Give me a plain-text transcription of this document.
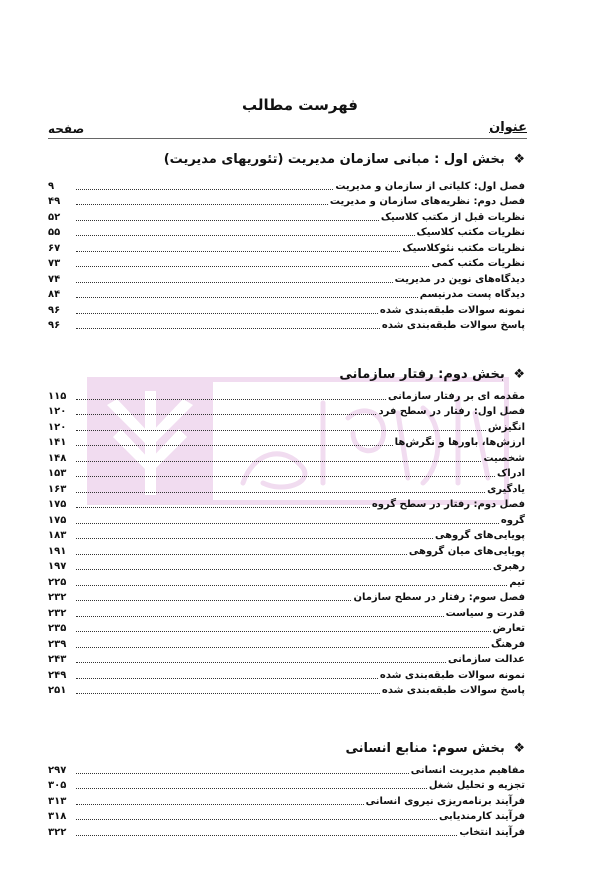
فهرست مطالب
عنوان
صفحه
❖ بخش اول : مبانی سازمان مدیریت (تئوریهای مدیریت)
فصل اول: کلیاتی از سازمان و مدیریت
۹
فصل دوم: نظریه‌های سازمان و مدیریت
۴۹
نظریات قبل از مکتب کلاسیک
۵۲
نظریات مکتب کلاسیک
۵۵
نظریات مکتب نئوکلاسیک
۶۷
نظریات مکتب کمی
۷۳
دیدگاه‌های نوین در مدیریت
۷۴
دیدگاه پست مدرنیسم
۸۴
نمونه سوالات طبقه‌بندی شده
۹۶
پاسخ سوالات طبقه‌بندی شده
۹۶
❖ بخش دوم: رفتار سازمانی
مقدمه ای بر رفتار سازمانی
۱۱۵
فصل اول: رفتار در سطح فرد
۱۲۰
انگیزش
۱۲۰
ارزش‌ها، باورها و نگرش‌ها
۱۴۱
شخصیت
۱۴۸
ادراک
۱۵۳
یادگیری
۱۶۳
فصل دوم: رفتار در سطح گروه
۱۷۵
گروه
۱۷۵
پویایی‌های گروهی
۱۸۳
پویایی‌های میان گروهی
۱۹۱
رهبری
۱۹۷
تیم
۲۲۵
فصل سوم: رفتار در سطح سازمان
۲۳۲
قدرت و سیاست
۲۳۲
تعارض
۲۳۵
فرهنگ
۲۳۹
عدالت سازمانی
۲۴۳
نمونه سوالات طبقه‌بندی شده
۲۴۹
پاسخ سوالات طبقه‌بندی شده
۲۵۱
❖ بخش سوم: منابع انسانی
مفاهیم مدیریت انسانی
۲۹۷
تجزیه و تحلیل شغل
۳۰۵
فرآیند برنامه‌ریزی نیروی انسانی
۳۱۳
فرآیند کارمندیابی
۳۱۸
فرآیند انتخاب
۳۲۲
